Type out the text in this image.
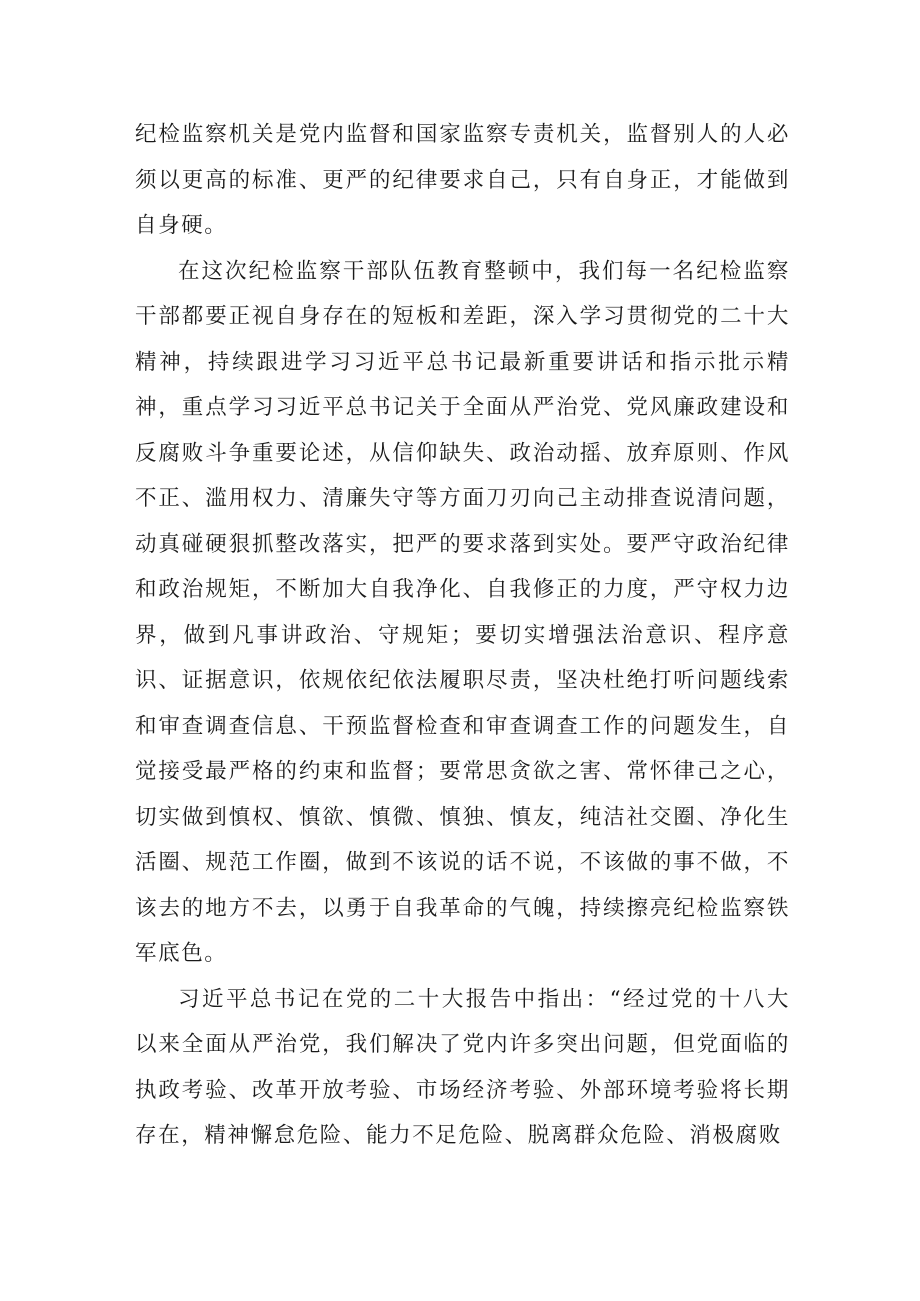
纪检监察机关是党内监督和国家监察专责机关，监督别人的人必须以更高的标准、更严的纪律要求自己，只有自身正，才能做到自身硬。

在这次纪检监察干部队伍教育整顿中，我们每一名纪检监察干部都要正视自身存在的短板和差距，深入学习贯彻党的二十大精神，持续跟进学习习近平总书记最新重要讲话和指示批示精神，重点学习习近平总书记关于全面从严治党、党风廉政建设和反腐败斗争重要论述，从信仰缺失、政治动摇、放弃原则、作风不正、滥用权力、清廉失守等方面刀刃向己主动排查说清问题，动真碰硬狠抓整改落实，把严的要求落到实处。要严守政治纪律和政治规矩，不断加大自我净化、自我修正的力度，严守权力边界，做到凡事讲政治、守规矩；要切实增强法治意识、程序意识、证据意识，依规依纪依法履职尽责，坚决杜绝打听问题线索和审查调查信息、干预监督检查和审查调查工作的问题发生，自觉接受最严格的约束和监督；要常思贪欲之害、常怀律己之心，切实做到慎权、慎欲、慎微、慎独、慎友，纯洁社交圈、净化生活圈、规范工作圈，做到不该说的话不说，不该做的事不做，不该去的地方不去，以勇于自我革命的气魄，持续擦亮纪检监察铁军底色。

习近平总书记在党的二十大报告中指出：“经过党的十八大以来全面从严治党，我们解决了党内许多突出问题，但党面临的执政考验、改革开放考验、市场经济考验、外部环境考验将长期存在，精神懈怠危险、能力不足危险、脱离群众危险、消极腐败
